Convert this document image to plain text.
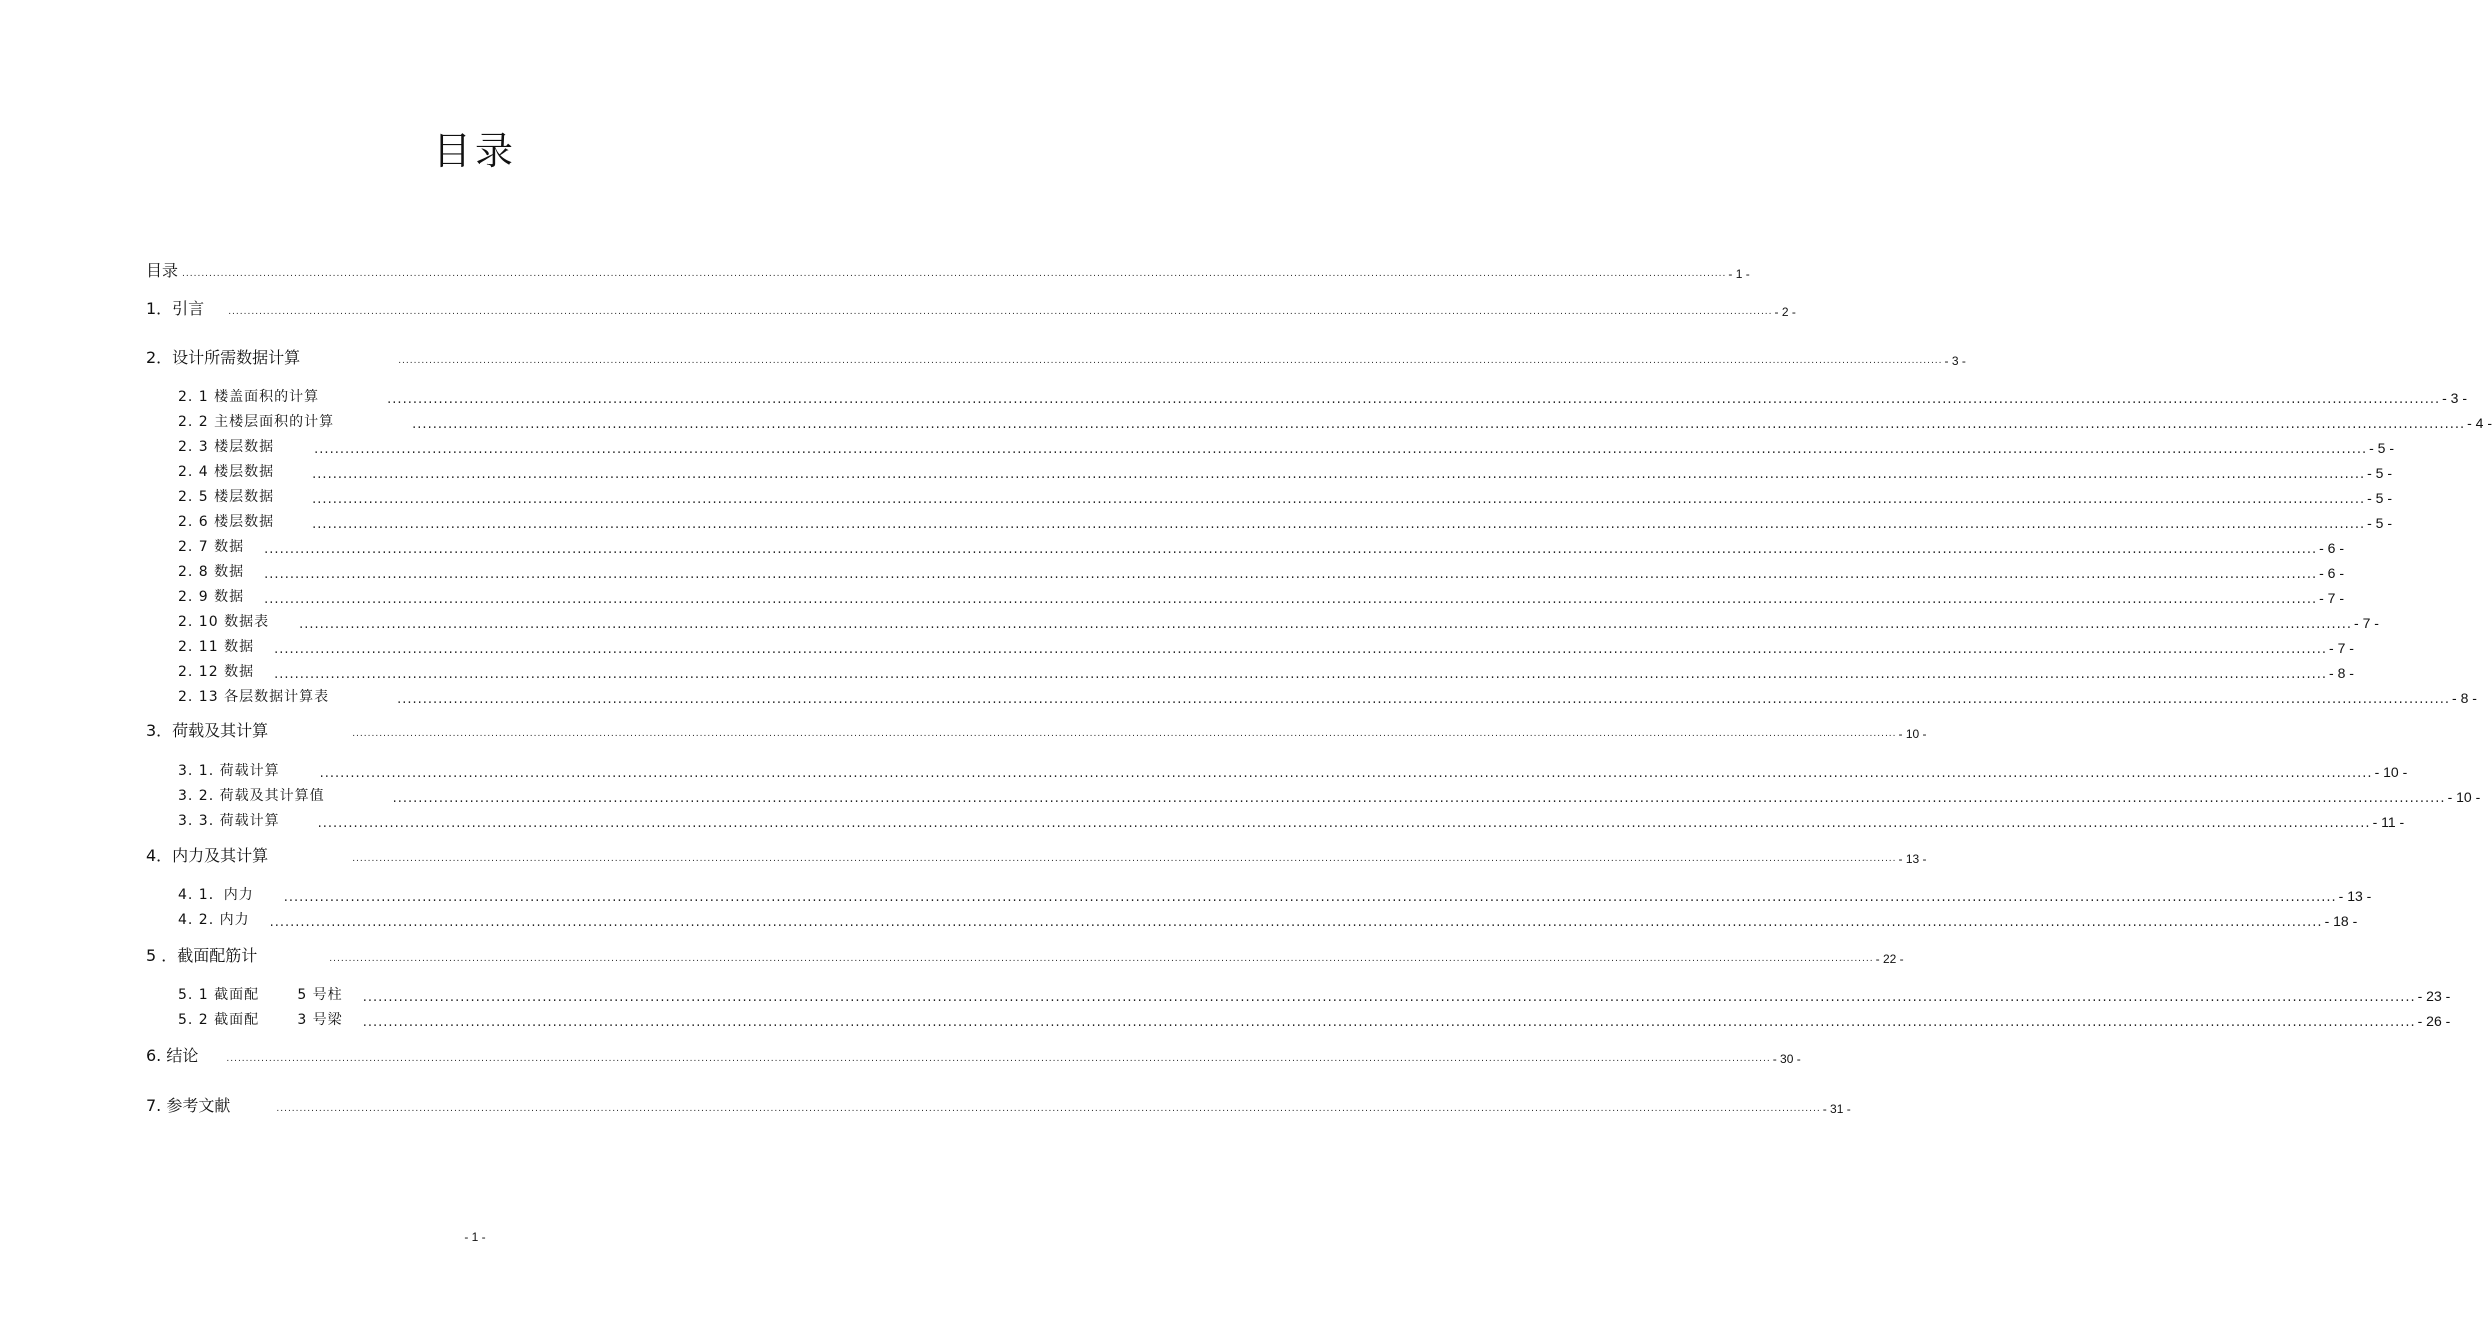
目录
目录 ................................................................................................................................................................................................................................................................................................................................................................................................................ - 1 -
1．引言	................................................................................................................................................................................................................................................................................................................................................................................................................ - 2 -
2．设计所需数据计算	................................................................................................................................................................................................................................................................................................................................................................................................................ - 3 -
2. 1 楼盖面积的计算	................................................................................................................................................................................................................................................................................................................................................................................................................ - 3 -
2. 2 主楼层面积的计算	................................................................................................................................................................................................................................................................................................................................................................................................................ - 4 -
2. 3 楼层数据	................................................................................................................................................................................................................................................................................................................................................................................................................ - 5 -
2. 4 楼层数据	................................................................................................................................................................................................................................................................................................................................................................................................................ - 5 -
2. 5 楼层数据	................................................................................................................................................................................................................................................................................................................................................................................................................ - 5 -
2. 6 楼层数据	................................................................................................................................................................................................................................................................................................................................................................................................................ - 5 -
2. 7 数据 ................................................................................................................................................................................................................................................................................................................................................................................................................ - 6 -
2. 8 数据 ................................................................................................................................................................................................................................................................................................................................................................................................................ - 6 -
2. 9 数据 ................................................................................................................................................................................................................................................................................................................................................................................................................ - 7 -
2. 10 数据表 ................................................................................................................................................................................................................................................................................................................................................................................................................ - 7 -
2. 11 数据 ................................................................................................................................................................................................................................................................................................................................................................................................................ - 7 -
2. 12 数据 ................................................................................................................................................................................................................................................................................................................................................................................................................ - 8 -
2. 13 各层数据计算表	................................................................................................................................................................................................................................................................................................................................................................................................................ - 8 -
3．荷载及其计算	................................................................................................................................................................................................................................................................................................................................................................................................................ - 10 -
3. 1. 荷载计算	................................................................................................................................................................................................................................................................................................................................................................................................................ - 10 -
3. 2. 荷载及其计算值	................................................................................................................................................................................................................................................................................................................................................................................................................ - 10 -
3. 3. 荷载计算	................................................................................................................................................................................................................................................................................................................................................................................................................ - 11 -
4．内力及其计算	................................................................................................................................................................................................................................................................................................................................................................................................................ - 13 -
4. 1．内力 ................................................................................................................................................................................................................................................................................................................................................................................................................ - 13 -
4. 2. 内力 ................................................................................................................................................................................................................................................................................................................................................................................................................ - 18 -
5 ．截面配筋计	................................................................................................................................................................................................................................................................................................................................................................................................................ - 22 -
5. 1 截面配       5 号柱 ................................................................................................................................................................................................................................................................................................................................................................................................................ - 23 -
5. 2 截面配       3 号梁 ................................................................................................................................................................................................................................................................................................................................................................................................................ - 26 -
6. 结论	................................................................................................................................................................................................................................................................................................................................................................................................................ - 30 -
7. 参考文献	................................................................................................................................................................................................................................................................................................................................................................................................................ - 31 -
- 1 -
